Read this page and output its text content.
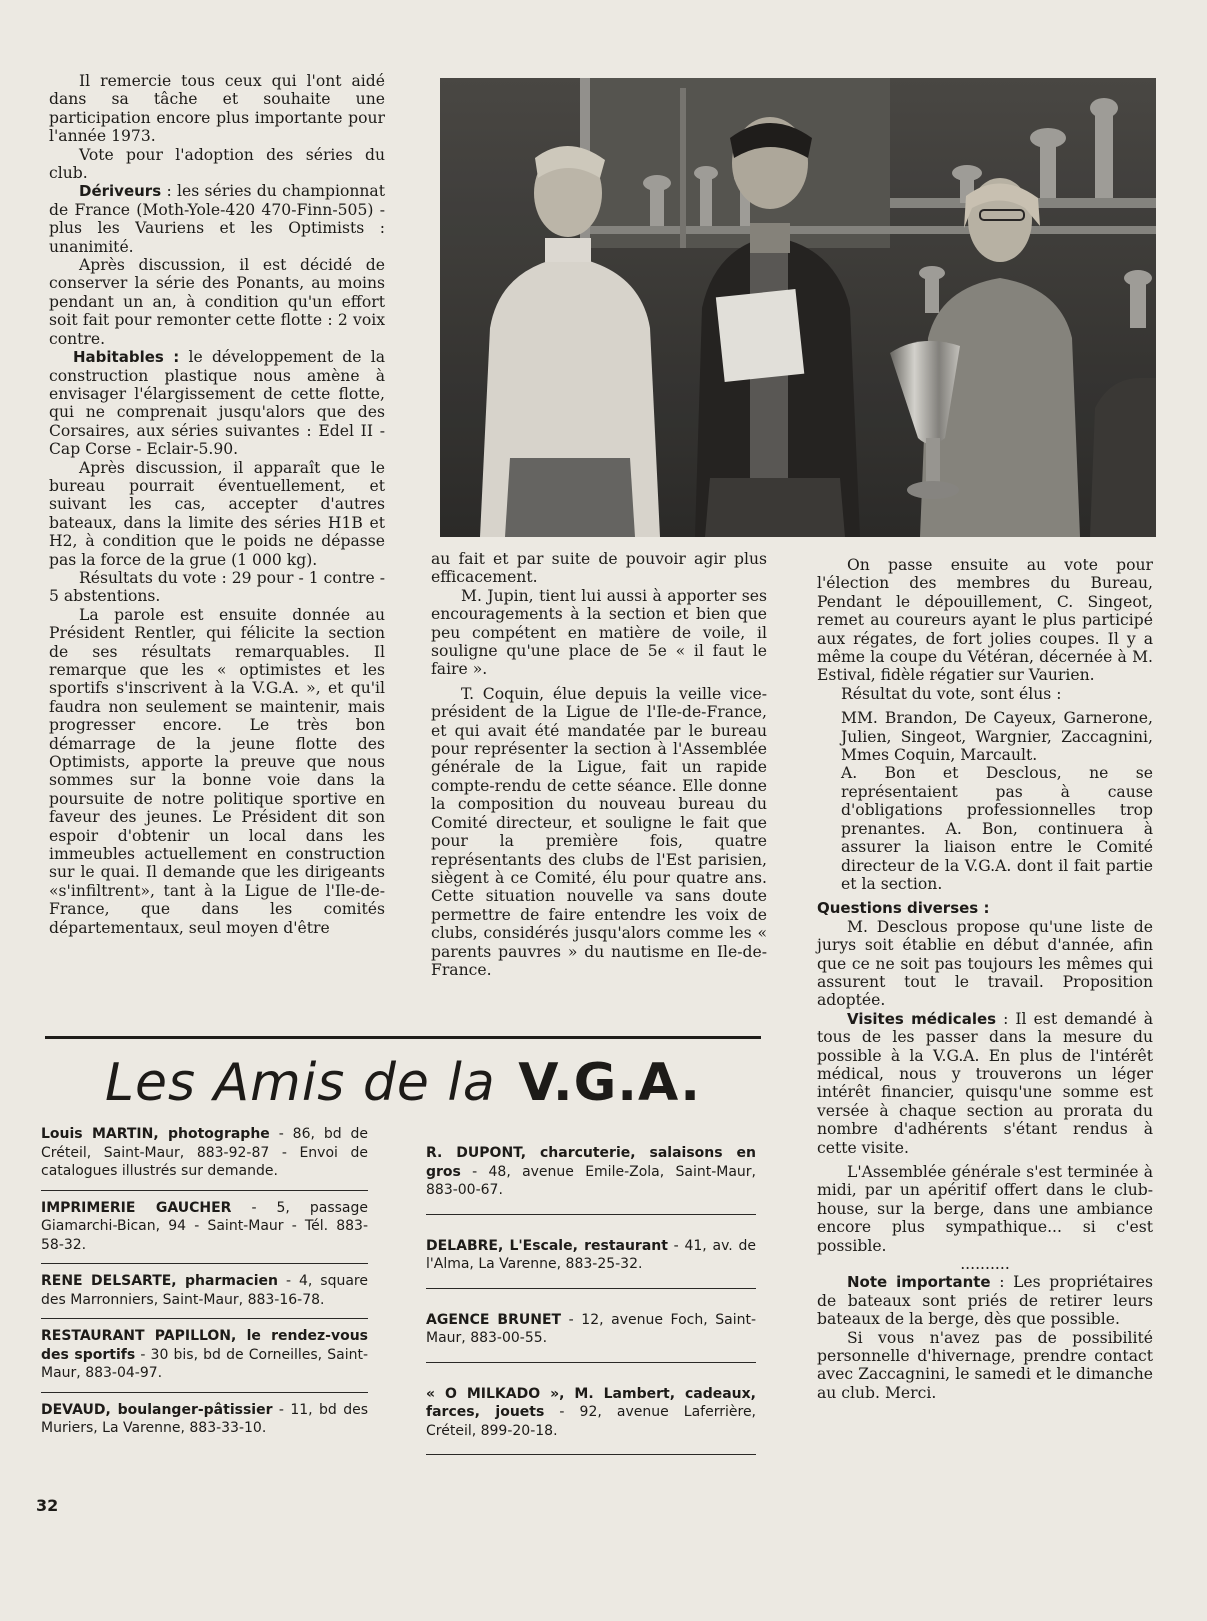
Il remercie tous ceux qui l'ont aidé dans sa tâche et souhaite une participation encore plus importante pour l'année 1973.

Vote pour l'adoption des séries du club.

Dériveurs : les séries du championnat de France (Moth-Yole-420 470-Finn-505) - plus les Vauriens et les Optimists : unanimité.

Après discussion, il est décidé de conserver la série des Ponants, au moins pendant un an, à condition qu'un effort soit fait pour remonter cette flotte : 2 voix contre.

Habitables : le développement de la construction plastique nous amène à envisager l'élargissement de cette flotte, qui ne comprenait jusqu'alors que des Corsaires, aux séries suivantes : Edel II - Cap Corse - Eclair-5.90.

Après discussion, il apparaît que le bureau pourrait éventuellement, et suivant les cas, accepter d'autres bateaux, dans la limite des séries H1B et H2, à condition que le poids ne dépasse pas la force de la grue (1 000 kg).

Résultats du vote : 29 pour - 1 contre - 5 abstentions.

La parole est ensuite donnée au Président Rentler, qui félicite la section de ses résultats remarquables. Il remarque que les « optimistes et les sportifs s'inscrivent à la V.G.A. », et qu'il faudra non seulement se maintenir, mais progresser encore. Le très bon démarrage de la jeune flotte des Optimists, apporte la preuve que nous sommes sur la bonne voie dans la poursuite de notre politique sportive en faveur des jeunes. Le Président dit son espoir d'obtenir un local dans les immeubles actuellement en construction sur le quai. Il demande que les dirigeants «s'infiltrent», tant à la Ligue de l'Ile-de-France, que dans les comités départementaux, seul moyen d'être

au fait et par suite de pouvoir agir plus efficacement.

M. Jupin, tient lui aussi à apporter ses encouragements à la section et bien que peu compétent en matière de voile, il souligne qu'une place de 5e « il faut le faire ».

T. Coquin, élue depuis la veille vice-président de la Ligue de l'Ile-de-France, et qui avait été mandatée par le bureau pour représenter la section à l'Assemblée générale de la Ligue, fait un rapide compte-rendu de cette séance. Elle donne la composition du nouveau bureau du Comité directeur, et souligne le fait que pour la première fois, quatre représentants des clubs de l'Est parisien, siègent à ce Comité, élu pour quatre ans. Cette situation nouvelle va sans doute permettre de faire entendre les voix de clubs, considérés jusqu'alors comme les « parents pauvres » du nautisme en Ile-de-France.

On passe ensuite au vote pour l'élection des membres du Bureau, Pendant le dépouillement, C. Singeot, remet au coureurs ayant le plus participé aux régates, de fort jolies coupes. Il y a même la coupe du Vétéran, décernée à M. Estival, fidèle régatier sur Vaurien.

Résultat du vote, sont élus :

MM. Brandon, De Cayeux, Garnerone, Julien, Singeot, Wargnier, Zaccagnini, Mmes Coquin, Marcault.

A. Bon et Desclous, ne se représentaient pas à cause d'obligations professionnelles trop prenantes. A. Bon, continuera à assurer la liaison entre le Comité directeur de la V.G.A. dont il fait partie et la section.

Questions diverses :

M. Desclous propose qu'une liste de jurys soit établie en début d'année, afin que ce ne soit pas toujours les mêmes qui assurent tout le travail. Proposition adoptée.

Visites médicales : Il est demandé à tous de les passer dans la mesure du possible à la V.G.A. En plus de l'intérêt médical, nous y trouverons un léger intérêt financier, quisqu'une somme est versée à chaque section au prorata du nombre d'adhérents s'étant rendus à cette visite.

L'Assemblée générale s'est terminée à midi, par un apéritif offert dans le club-house, sur la berge, dans une ambiance encore plus sympathique... si c'est possible.

..........

Note importante : Les propriétaires de bateaux sont priés de retirer leurs bateaux de la berge, dès que possible.

Si vous n'avez pas de possibilité personnelle d'hivernage, prendre contact avec Zaccagnini, le samedi et le dimanche au club. Merci.

Les Amis de la V.G.A.
Louis MARTIN, photographe - 86, bd de Créteil, Saint-Maur, 883-92-87 - Envoi de catalogues illustrés sur demande.
IMPRIMERIE GAUCHER - 5, passage Giamarchi-Bican, 94 - Saint-Maur - Tél. 883-58-32.
RENE DELSARTE, pharmacien - 4, square des Marronniers, Saint-Maur, 883-16-78.
RESTAURANT PAPILLON, le rendez-vous des sportifs - 30 bis, bd de Corneilles, Saint-Maur, 883-04-97.
DEVAUD, boulanger-pâtissier - 11, bd des Muriers, La Varenne, 883-33-10.
R. DUPONT, charcuterie, salaisons en gros - 48, avenue Emile-Zola, Saint-Maur, 883-00-67.
DELABRE, L'Escale, restaurant - 41, av. de l'Alma, La Varenne, 883-25-32.
AGENCE BRUNET - 12, avenue Foch, Saint-Maur, 883-00-55.
« O MILKADO », M. Lambert, cadeaux, farces, jouets - 92, avenue Laferrière, Créteil, 899-20-18.
32
